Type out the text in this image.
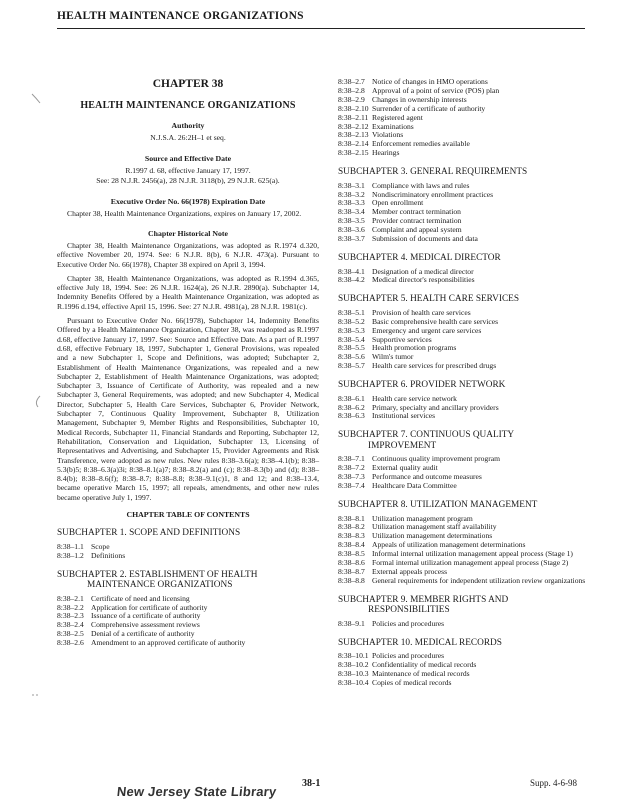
HEALTH MAINTENANCE ORGANIZATIONS
CHAPTER 38
HEALTH MAINTENANCE ORGANIZATIONS
Authority
N.J.S.A. 26:2H–1 et seq.
Source and Effective Date
R.1997 d. 68, effective January 17, 1997.
See: 28 N.J.R. 2456(a), 28 N.J.R. 3118(b), 29 N.J.R. 625(a).
Executive Order No. 66(1978) Expiration Date

Chapter 38, Health Maintenance Organizations, expires on January 17, 2002.

Chapter Historical Note

Chapter 38, Health Maintenance Organizations, was adopted as R.1974 d.320, effective November 20, 1974. See: 6 N.J.R. 8(b), 6 N.J.R. 473(a). Pursuant to Executive Order No. 66(1978), Chapter 38 expired on April 3, 1994.

Chapter 38, Health Maintenance Organizations, was adopted as R.1994 d.365, effective July 18, 1994. See: 26 N.J.R. 1624(a), 26 N.J.R. 2890(a). Subchapter 14, Indemnity Benefits Offered by a Health Maintenance Organization, was adopted as R.1996 d.194, effective April 15, 1996. See: 27 N.J.R. 4981(a), 28 N.J.R. 1981(c).

Pursuant to Executive Order No. 66(1978), Subchapter 14, Indemnity Benefits Offered by a Health Maintenance Organization, Chapter 38, was readopted as R.1997 d.68, effective January 17, 1997. See: Source and Effective Date. As a part of R.1997 d.68, effective February 18, 1997, Subchapter 1, General Provisions, was repealed and a new Subchapter 1, Scope and Definitions, was adopted; Subchapter 2, Establishment of Health Maintenance Organizations, was repealed and a new Subchapter 2, Establishment of Health Maintenance Organizations, was adopted; Subchapter 3, Issuance of Certificate of Authority, was repealed and a new Subchapter 3, General Requirements, was adopted; and new Subchapter 4, Medical Director, Subchapter 5, Health Care Services, Subchapter 6, Provider Network, Subchapter 7, Continuous Quality Improvement, Subchapter 8, Utilization Management, Subchapter 9, Member Rights and Responsibilities, Subchapter 10, Medical Records, Subchapter 11, Financial Standards and Reporting, Subchapter 12, Rehabilitation, Conservation and Liquidation, Subchapter 13, Licensing of Representatives and Advertising, and Subchapter 15, Provider Agreements and Risk Transference, were adopted as new rules. New rules 8:38–3.6(a); 8:38–4.1(b); 8:38–5.3(b)5; 8:38–6.3(a)3i; 8:38–8.1(a)7; 8:38–8.2(a) and (c); 8:38–8.3(b) and (d); 8:38–8.4(b); 8:38–8.6(f); 8:38–8.7; 8:38–8.8; 8:38–9.1(c)1, 8 and 12; and 8:38–13.4, became operative March 15, 1997; all repeals, amendments, and other new rules became operative July 1, 1997.

CHAPTER TABLE OF CONTENTS
SUBCHAPTER 1. SCOPE AND DEFINITIONS
8:38–1.1 Scope
8:38–1.2 Definitions
SUBCHAPTER 2. ESTABLISHMENT OF HEALTH
MAINTENANCE ORGANIZATIONS
8:38–2.1 Certificate of need and licensing
8:38–2.2 Application for certificate of authority
8:38–2.3 Issuance of a certificate of authority
8:38–2.4 Comprehensive assessment reviews
8:38–2.5 Denial of a certificate of authority
8:38–2.6 Amendment to an approved certificate of authority
8:38–2.7 Notice of changes in HMO operations
8:38–2.8 Approval of a point of service (POS) plan
8:38–2.9 Changes in ownership interests
8:38–2.10 Surrender of a certificate of authority
8:38–2.11 Registered agent
8:38–2.12 Examinations
8:38–2.13 Violations
8:38–2.14 Enforcement remedies available
8:38–2.15 Hearings
SUBCHAPTER 3. GENERAL REQUIREMENTS
8:38–3.1 Compliance with laws and rules
8:38–3.2 Nondiscriminatory enrollment practices
8:38–3.3 Open enrollment
8:38–3.4 Member contract termination
8:38–3.5 Provider contract termination
8:38–3.6 Complaint and appeal system
8:38–3.7 Submission of documents and data
SUBCHAPTER 4. MEDICAL DIRECTOR
8:38–4.1 Designation of a medical director
8:38–4.2 Medical director's responsibilities
SUBCHAPTER 5. HEALTH CARE SERVICES
8:38–5.1 Provision of health care services
8:38–5.2 Basic comprehensive health care services
8:38–5.3 Emergency and urgent care services
8:38–5.4 Supportive services
8:38–5.5 Health promotion programs
8:38–5.6 Wilm's tumor
8:38–5.7 Health care services for prescribed drugs
SUBCHAPTER 6. PROVIDER NETWORK
8:38–6.1 Health care service network
8:38–6.2 Primary, specialty and ancillary providers
8:38–6.3 Institutional services
SUBCHAPTER 7. CONTINUOUS QUALITY
IMPROVEMENT
8:38–7.1 Continuous quality improvement program
8:38–7.2 External quality audit
8:38–7.3 Performance and outcome measures
8:38–7.4 Healthcare Data Committee
SUBCHAPTER 8. UTILIZATION MANAGEMENT
8:38–8.1 Utilization management program
8:38–8.2 Utilization management staff availability
8:38–8.3 Utilization management determinations
8:38–8.4 Appeals of utilization management determinations
8:38–8.5 Informal internal utilization management appeal process (Stage 1)
8:38–8.6 Formal internal utilization management appeal process (Stage 2)
8:38–8.7 External appeals process
8:38–8.8 General requirements for independent utilization review organizations
SUBCHAPTER 9. MEMBER RIGHTS AND
RESPONSIBILITIES
8:38–9.1 Policies and procedures
SUBCHAPTER 10. MEDICAL RECORDS
8:38–10.1 Policies and procedures
8:38–10.2 Confidentiality of medical records
8:38–10.3 Maintenance of medical records
8:38–10.4 Copies of medical records
New Jersey State Library
38-1	Supp. 4-6-98
